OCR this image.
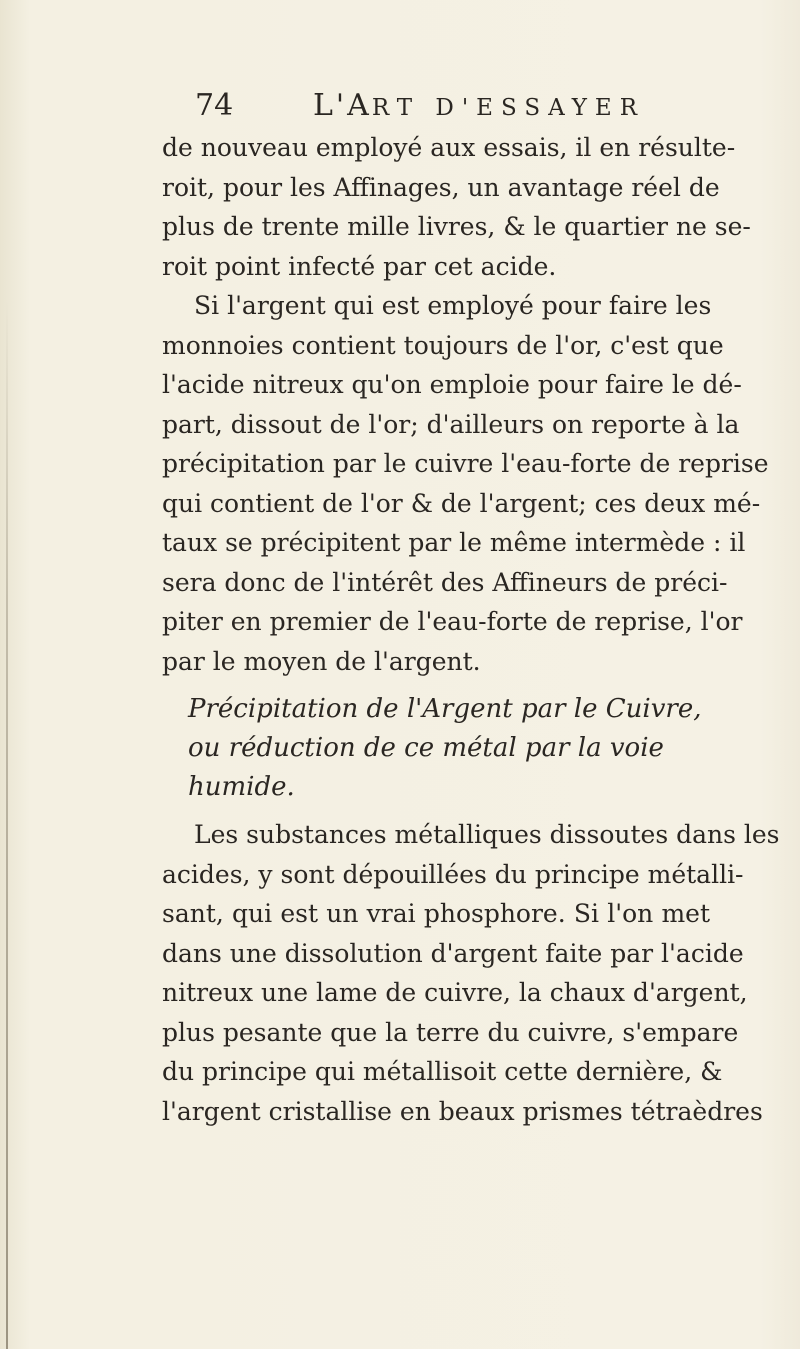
74	L'ART D'ESSAYER
de nouveau employé aux essais, il en résulte-
roit, pour les Affinages, un avantage réel de
plus de trente mille livres, & le quartier ne se-
roit point infecté par cet acide.
Si l'argent qui est employé pour faire les
monnoies contient toujours de l'or, c'est que
l'acide nitreux qu'on emploie pour faire le dé-
part, dissout de l'or; d'ailleurs on reporte à la
précipitation par le cuivre l'eau-forte de reprise
qui contient de l'or & de l'argent; ces deux mé-
taux se précipitent par le même intermède : il
sera donc de l'intérêt des Affineurs de préci-
piter en premier de l'eau-forte de reprise, l'or
par le moyen de l'argent.
Précipitation de l'Argent par le Cuivre,
ou réduction de ce métal par la voie
humide.
Les substances métalliques dissoutes dans les
acides, y sont dépouillées du principe métalli-
sant, qui est un vrai phosphore. Si l'on met
dans une dissolution d'argent faite par l'acide
nitreux une lame de cuivre, la chaux d'argent,
plus pesante que la terre du cuivre, s'empare
du principe qui métallisoit cette dernière, &
l'argent cristallise en beaux prismes tétraèdres
